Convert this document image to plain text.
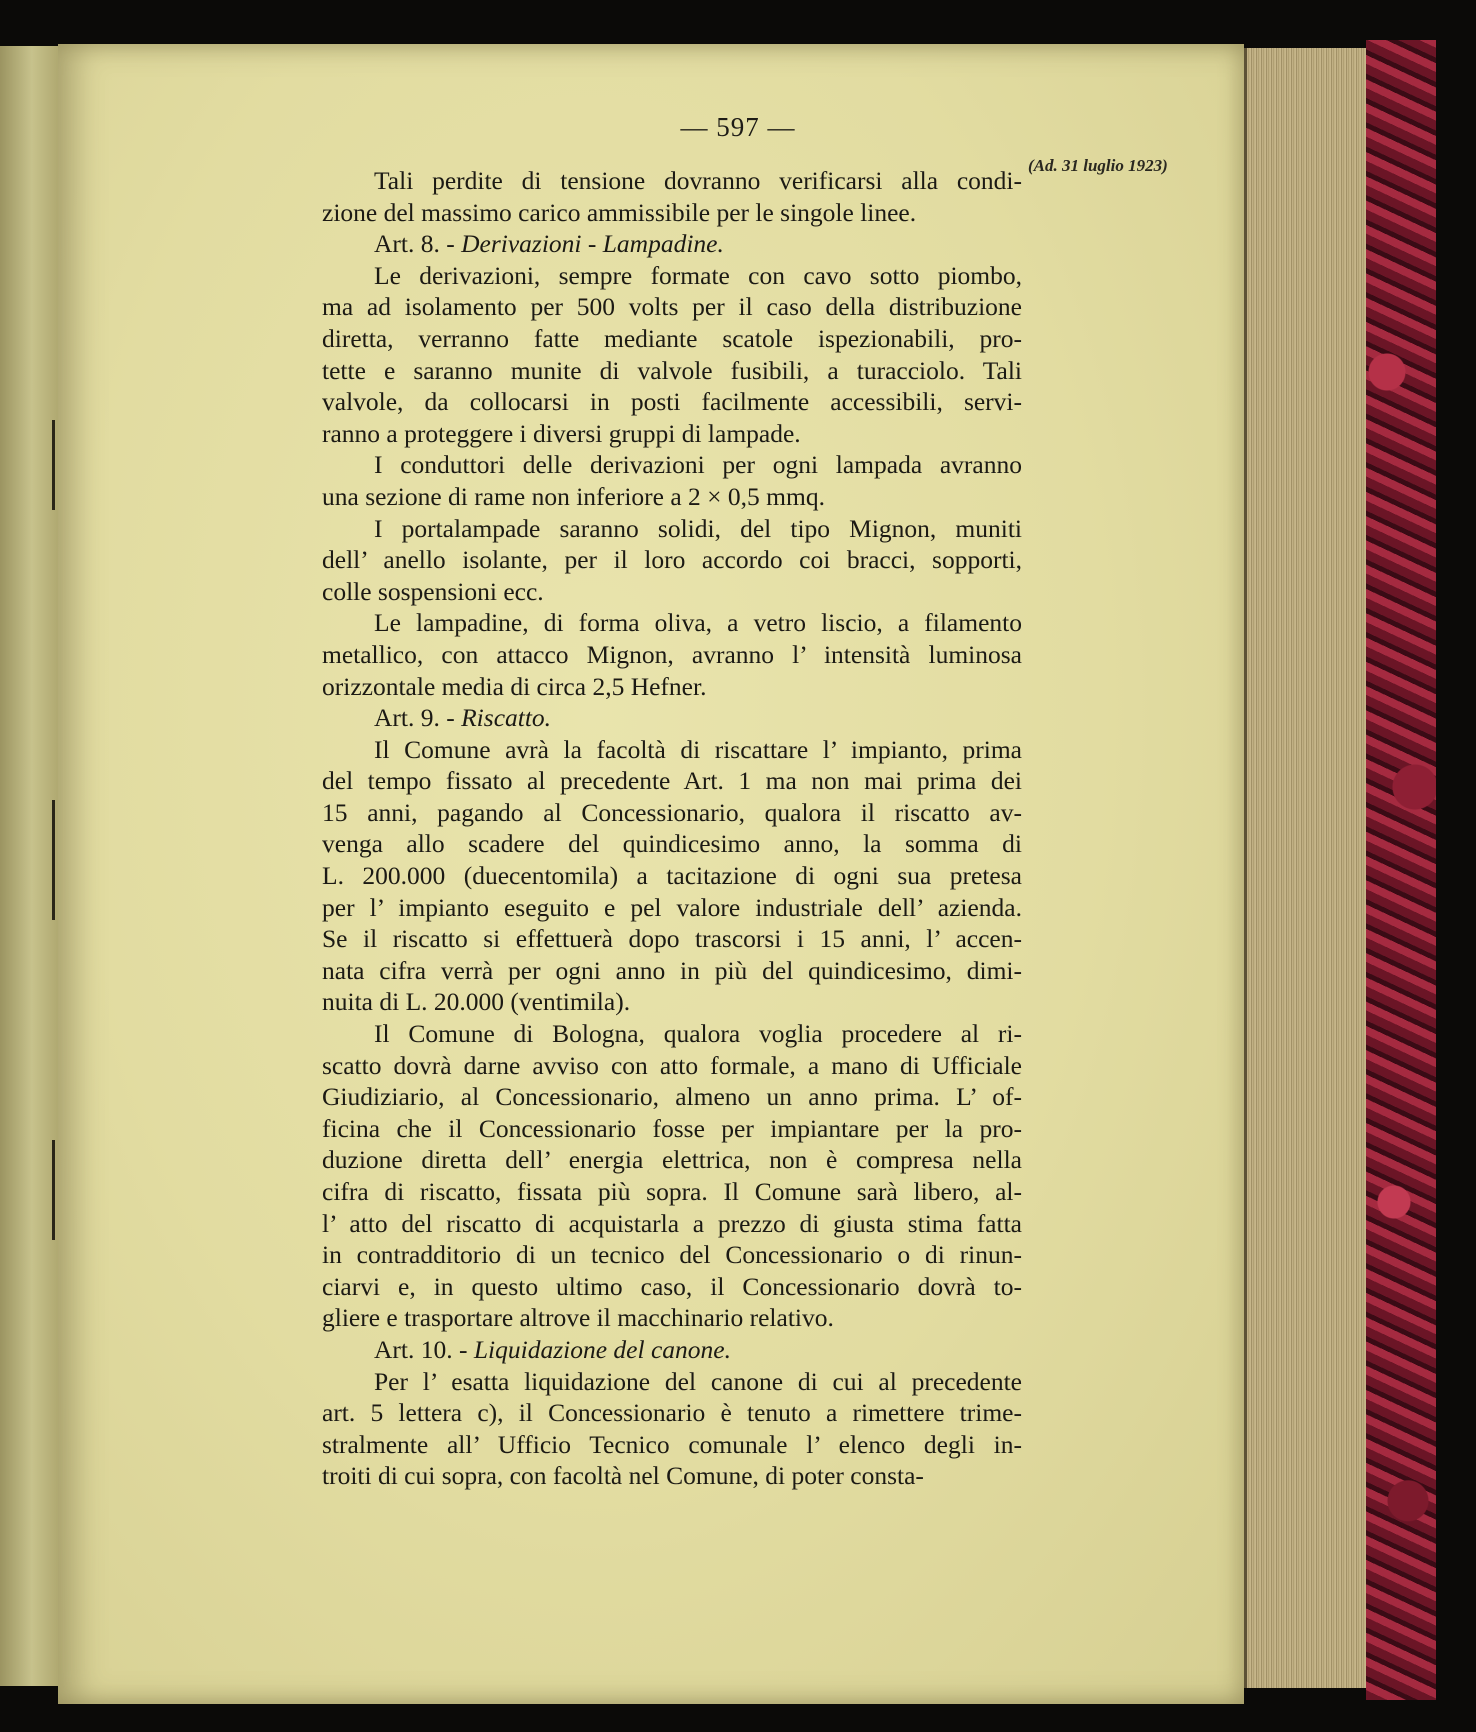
— 597 —
(Ad. 31 luglio 1923)
Tali perdite di tensione dovranno verificarsi alla condi-
zione del massimo carico ammissibile per le singole linee.
Art. 8. - Derivazioni - Lampadine.
Le derivazioni, sempre formate con cavo sotto piombo,
ma ad isolamento per 500 volts per il caso della distribuzione
diretta, verranno fatte mediante scatole ispezionabili, pro-
tette e saranno munite di valvole fusibili, a turacciolo. Tali
valvole, da collocarsi in posti facilmente accessibili, servi-
ranno a proteggere i diversi gruppi di lampade.
I conduttori delle derivazioni per ogni lampada avranno
una sezione di rame non inferiore a 2 × 0,5 mmq.
I portalampade saranno solidi, del tipo Mignon, muniti
dell’ anello isolante, per il loro accordo coi bracci, sopporti,
colle sospensioni ecc.
Le lampadine, di forma oliva, a vetro liscio, a filamento
metallico, con attacco Mignon, avranno l’ intensità luminosa
orizzontale media di circa 2,5 Hefner.
Art. 9. - Riscatto.
Il Comune avrà la facoltà di riscattare l’ impianto, prima
del tempo fissato al precedente Art. 1 ma non mai prima dei
15 anni, pagando al Concessionario, qualora il riscatto av-
venga allo scadere del quindicesimo anno, la somma di
L. 200.000 (duecentomila) a tacitazione di ogni sua pretesa
per l’ impianto eseguito e pel valore industriale dell’ azienda.
Se il riscatto si effettuerà dopo trascorsi i 15 anni, l’ accen-
nata cifra verrà per ogni anno in più del quindicesimo, dimi-
nuita di L. 20.000 (ventimila).
Il Comune di Bologna, qualora voglia procedere al ri-
scatto dovrà darne avviso con atto formale, a mano di Ufficiale
Giudiziario, al Concessionario, almeno un anno prima. L’ of-
ficina che il Concessionario fosse per impiantare per la pro-
duzione diretta dell’ energia elettrica, non è compresa nella
cifra di riscatto, fissata più sopra. Il Comune sarà libero, al-
l’ atto del riscatto di acquistarla a prezzo di giusta stima fatta
in contradditorio di un tecnico del Concessionario o di rinun-
ciarvi e, in questo ultimo caso, il Concessionario dovrà to-
gliere e trasportare altrove il macchinario relativo.
Art. 10. - Liquidazione del canone.
Per l’ esatta liquidazione del canone di cui al precedente
art. 5 lettera c), il Concessionario è tenuto a rimettere trime-
stralmente all’ Ufficio Tecnico comunale l’ elenco degli in-
troiti di cui sopra, con facoltà nel Comune, di poter consta-
